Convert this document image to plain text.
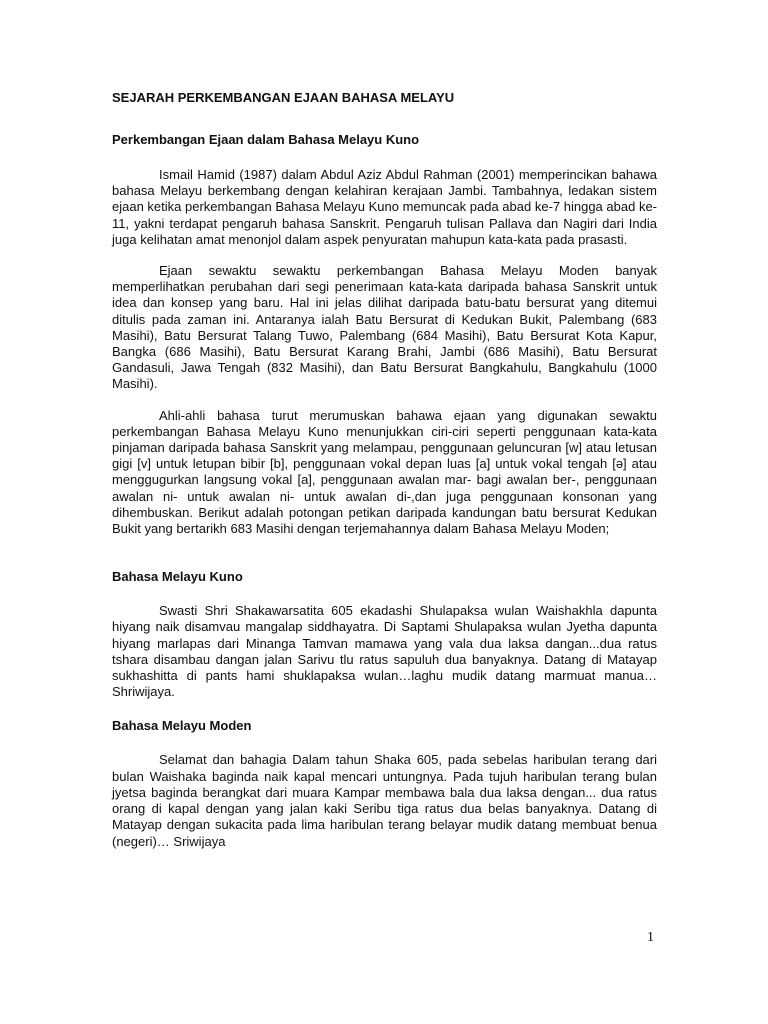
SEJARAH PERKEMBANGAN EJAAN BAHASA MELAYU
Perkembangan Ejaan dalam Bahasa Melayu Kuno

Ismail Hamid (1987) dalam Abdul Aziz Abdul Rahman (2001) memperincikan bahawa bahasa Melayu berkembang dengan kelahiran kerajaan Jambi. Tambahnya, ledakan sistem ejaan ketika perkembangan Bahasa Melayu Kuno memuncak pada abad ke-7 hingga abad ke-11, yakni terdapat pengaruh bahasa Sanskrit. Pengaruh tulisan Pallava dan Nagiri dari India juga kelihatan amat menonjol dalam aspek penyuratan mahupun kata-kata pada prasasti.

Ejaan sewaktu sewaktu perkembangan Bahasa Melayu Moden banyak memperlihatkan perubahan dari segi penerimaan kata-kata daripada bahasa Sanskrit untuk idea dan konsep yang baru. Hal ini jelas dilihat daripada batu-batu bersurat yang ditemui ditulis pada zaman ini. Antaranya ialah Batu Bersurat di Kedukan Bukit, Palembang (683 Masihi), Batu Bersurat Talang Tuwo, Palembang (684 Masihi), Batu Bersurat Kota Kapur, Bangka (686 Masihi), Batu Bersurat Karang Brahi, Jambi (686 Masihi), Batu Bersurat Gandasuli, Jawa Tengah (832 Masihi), dan Batu Bersurat Bangkahulu, Bangkahulu (1000 Masihi).

Ahli-ahli bahasa turut merumuskan bahawa ejaan yang digunakan sewaktu perkembangan Bahasa Melayu Kuno menunjukkan ciri-ciri seperti penggunaan kata-kata pinjaman daripada bahasa Sanskrit yang melampau, penggunaan geluncuran [w] atau letusan gigi [v] untuk letupan bibir [b], penggunaan vokal depan luas [a] untuk vokal tengah [ə] atau menggugurkan langsung vokal [a], penggunaan awalan mar- bagi awalan ber-, penggunaan awalan ni- untuk awalan ni- untuk awalan di-,dan juga penggunaan konsonan yang dihembuskan. Berikut adalah potongan petikan daripada kandungan batu bersurat Kedukan Bukit yang bertarikh 683 Masihi dengan terjemahannya dalam Bahasa Melayu Moden;

Bahasa Melayu Kuno

Swasti Shri Shakawarsatita 605 ekadashi Shulapaksa wulan Waishakhla dapunta hiyang naik disamvau mangalap siddhayatra. Di Saptami Shulapaksa wulan Jyetha dapunta hiyang marlapas dari Minanga Tamvan mamawa yang vala dua laksa dangan...dua ratus tshara disambau dangan jalan Sarivu tlu ratus sapuluh dua banyaknya. Datang di Matayap sukhashitta di pants hami shuklapaksa wulan…laghu mudik datang marmuat manua… Shriwijaya.

Bahasa Melayu Moden

Selamat dan bahagia Dalam tahun Shaka 605, pada sebelas haribulan terang dari bulan Waishaka baginda naik kapal mencari untungnya. Pada tujuh haribulan terang bulan jyetsa baginda berangkat dari muara Kampar membawa bala dua laksa dengan... dua ratus orang di kapal dengan yang jalan kaki Seribu tiga ratus dua belas banyaknya. Datang di Matayap dengan sukacita pada lima haribulan terang belayar mudik datang membuat benua (negeri)… Sriwijaya

1
